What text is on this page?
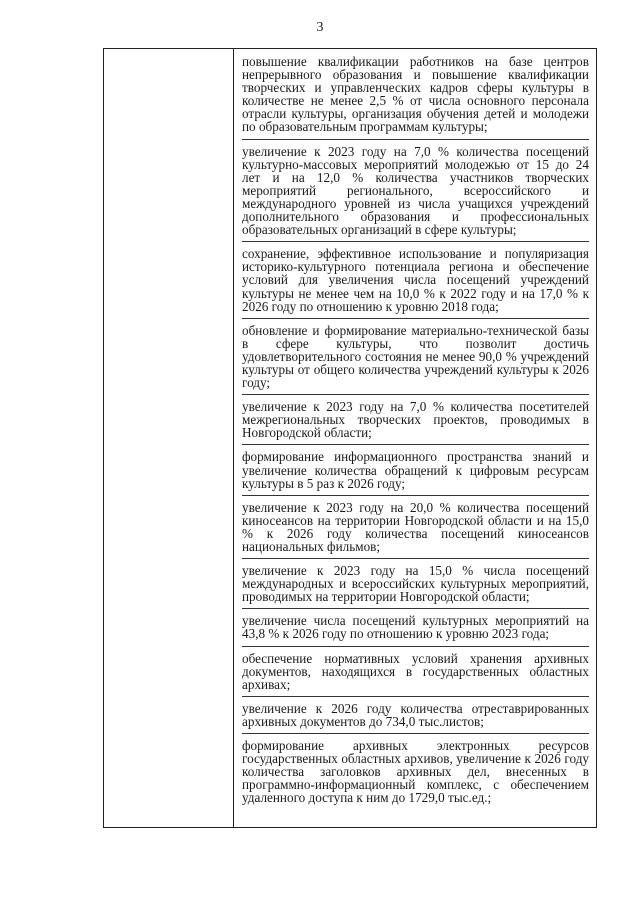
3

повышение квалификации работников на базе центров непрерывного образования и повышение квалификации творческих и управленческих кадров сферы культуры в количестве не менее 2,5 % от числа основного персонала отрасли культуры, организация обучения детей и молодежи по образовательным программам культуры;

увеличение к 2023 году на 7,0 % количества посещений культурно-массовых мероприятий молодежью от 15 до 24 лет и на 12,0 % количества участников творческих мероприятий регионального, всероссийского и международного уровней из числа учащихся учреждений дополнительного образования и профессиональных образовательных организаций в сфере культуры;

сохранение, эффективное использование и популяризация историко-культурного потенциала региона и обеспечение условий для увеличения числа посещений учреждений культуры не менее чем на 10,0 % к 2022 году и на 17,0 % к 2026 году по отношению к уровню 2018 года;

обновление и формирование материально-технической базы в сфере культуры, что позволит достичь удовлетворительного состояния не менее 90,0 % учреждений культуры от общего количества учреждений культуры к 2026 году;

увеличение к 2023 году на 7,0 % количества посетителей межрегиональных творческих проектов, проводимых в Новгородской области;

формирование информационного пространства знаний и увеличение количества обращений к цифровым ресурсам культуры в 5 раз к 2026 году;

увеличение к 2023 году на 20,0 % количества посещений киносеансов на территории Новгородской области и на 15,0 % к 2026 году количества посещений киносеансов национальных фильмов;

увеличение к 2023 году на 15,0 % числа посещений международных и всероссийских культурных мероприятий, проводимых на территории Новгородской области;

увеличение числа посещений культурных мероприятий на 43,8 % к 2026 году по отношению к уровню 2023 года;

обеспечение нормативных условий хранения архивных документов, находящихся в государственных областных архивах;

увеличение к 2026 году количества отреставрированных архивных документов до 734,0 тыс.листов;

формирование архивных электронных ресурсов государственных областных архивов, увеличение к 2026 году количества заголовков архивных дел, внесенных в программно-информационный комплекс, с обеспечением удаленного доступа к ним до 1729,0 тыс.ед.;
